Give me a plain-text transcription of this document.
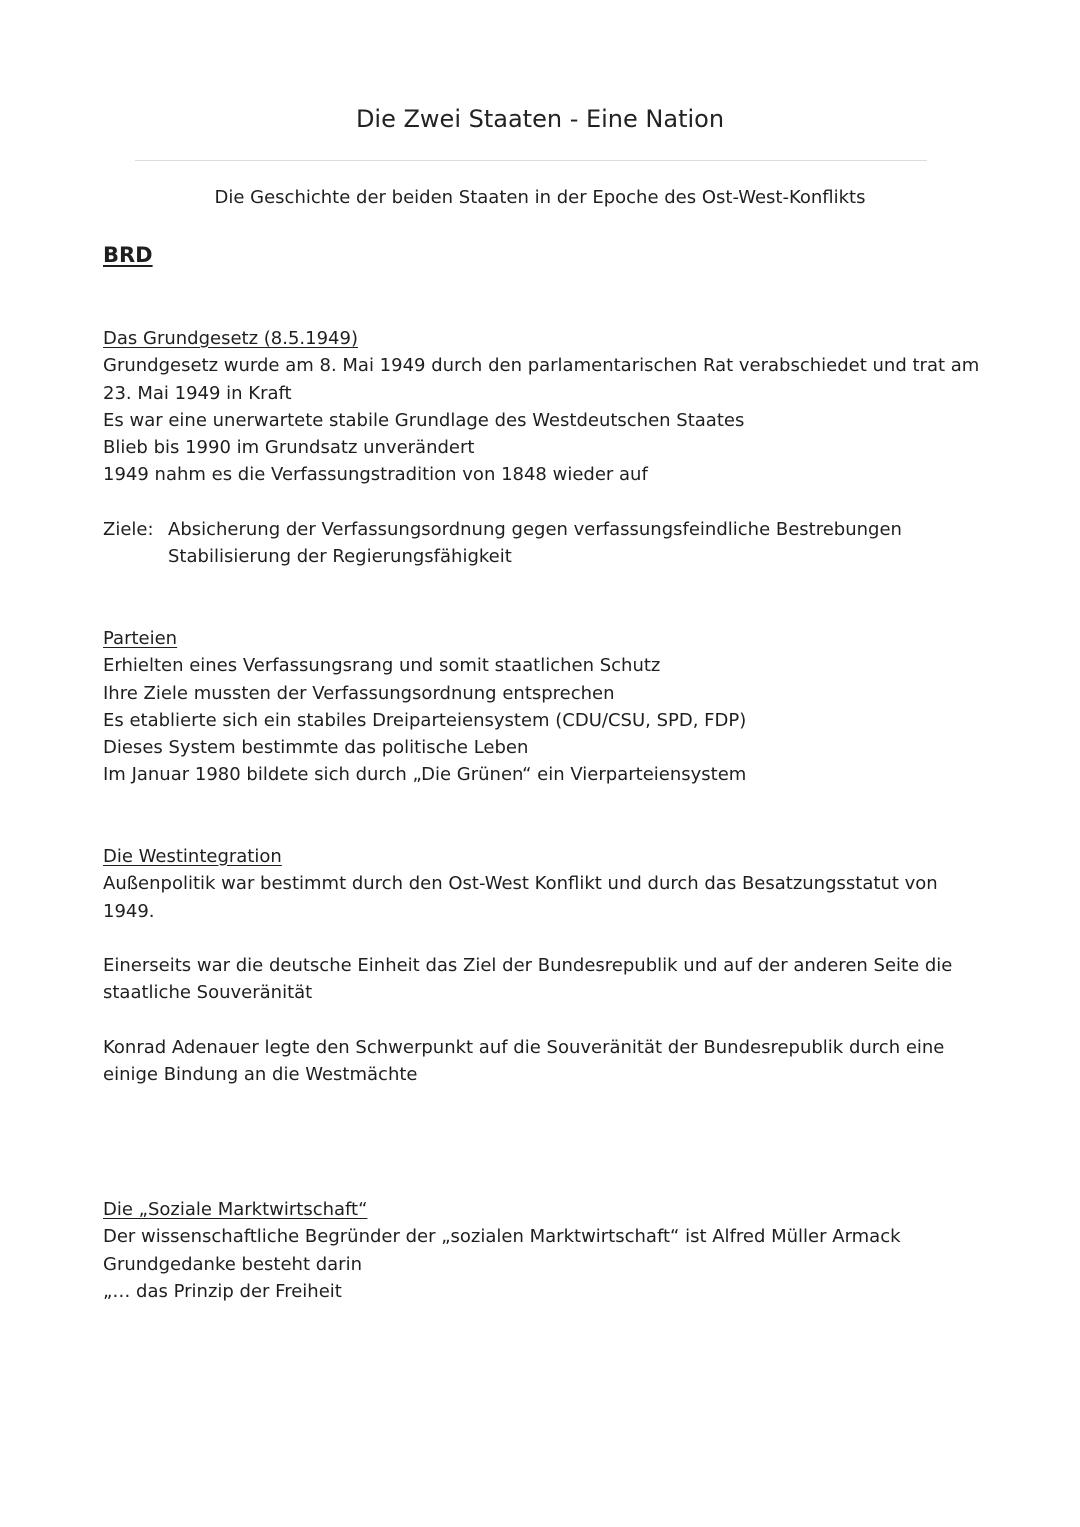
Die Zwei Staaten - Eine Nation
Die Geschichte der beiden Staaten in der Epoche des Ost-West-Konflikts
BRD

Das Grundgesetz (8.5.1949)

Grundgesetz wurde am 8. Mai 1949 durch den parlamentarischen Rat verabschiedet und trat am

23. Mai 1949 in Kraft

Es war eine unerwartete stabile Grundlage des Westdeutschen Staates

Blieb bis 1990 im Grundsatz unverändert

1949 nahm es die Verfassungstradition von 1848 wieder auf

Ziele: Absicherung der Verfassungsordnung gegen verfassungsfeindliche Bestrebungen

Stabilisierung der Regierungsfähigkeit

Parteien

Erhielten eines Verfassungsrang und somit staatlichen Schutz

Ihre Ziele mussten der Verfassungsordnung entsprechen

Es etablierte sich ein stabiles Dreiparteiensystem (CDU/CSU, SPD, FDP)

Dieses System bestimmte das politische Leben

Im Januar 1980 bildete sich durch „Die Grünen“ ein Vierparteiensystem

Die Westintegration

Außenpolitik war bestimmt durch den Ost-West Konflikt und durch das Besatzungsstatut von

1949.

Einerseits war die deutsche Einheit das Ziel der Bundesrepublik und auf der anderen Seite die

staatliche Souveränität

Konrad Adenauer legte den Schwerpunkt auf die Souveränität der Bundesrepublik durch eine

einige Bindung an die Westmächte

Die „Soziale Marktwirtschaft“

Der wissenschaftliche Begründer der „sozialen Marktwirtschaft“ ist Alfred Müller Armack

Grundgedanke besteht darin

„… das Prinzip der Freiheit
